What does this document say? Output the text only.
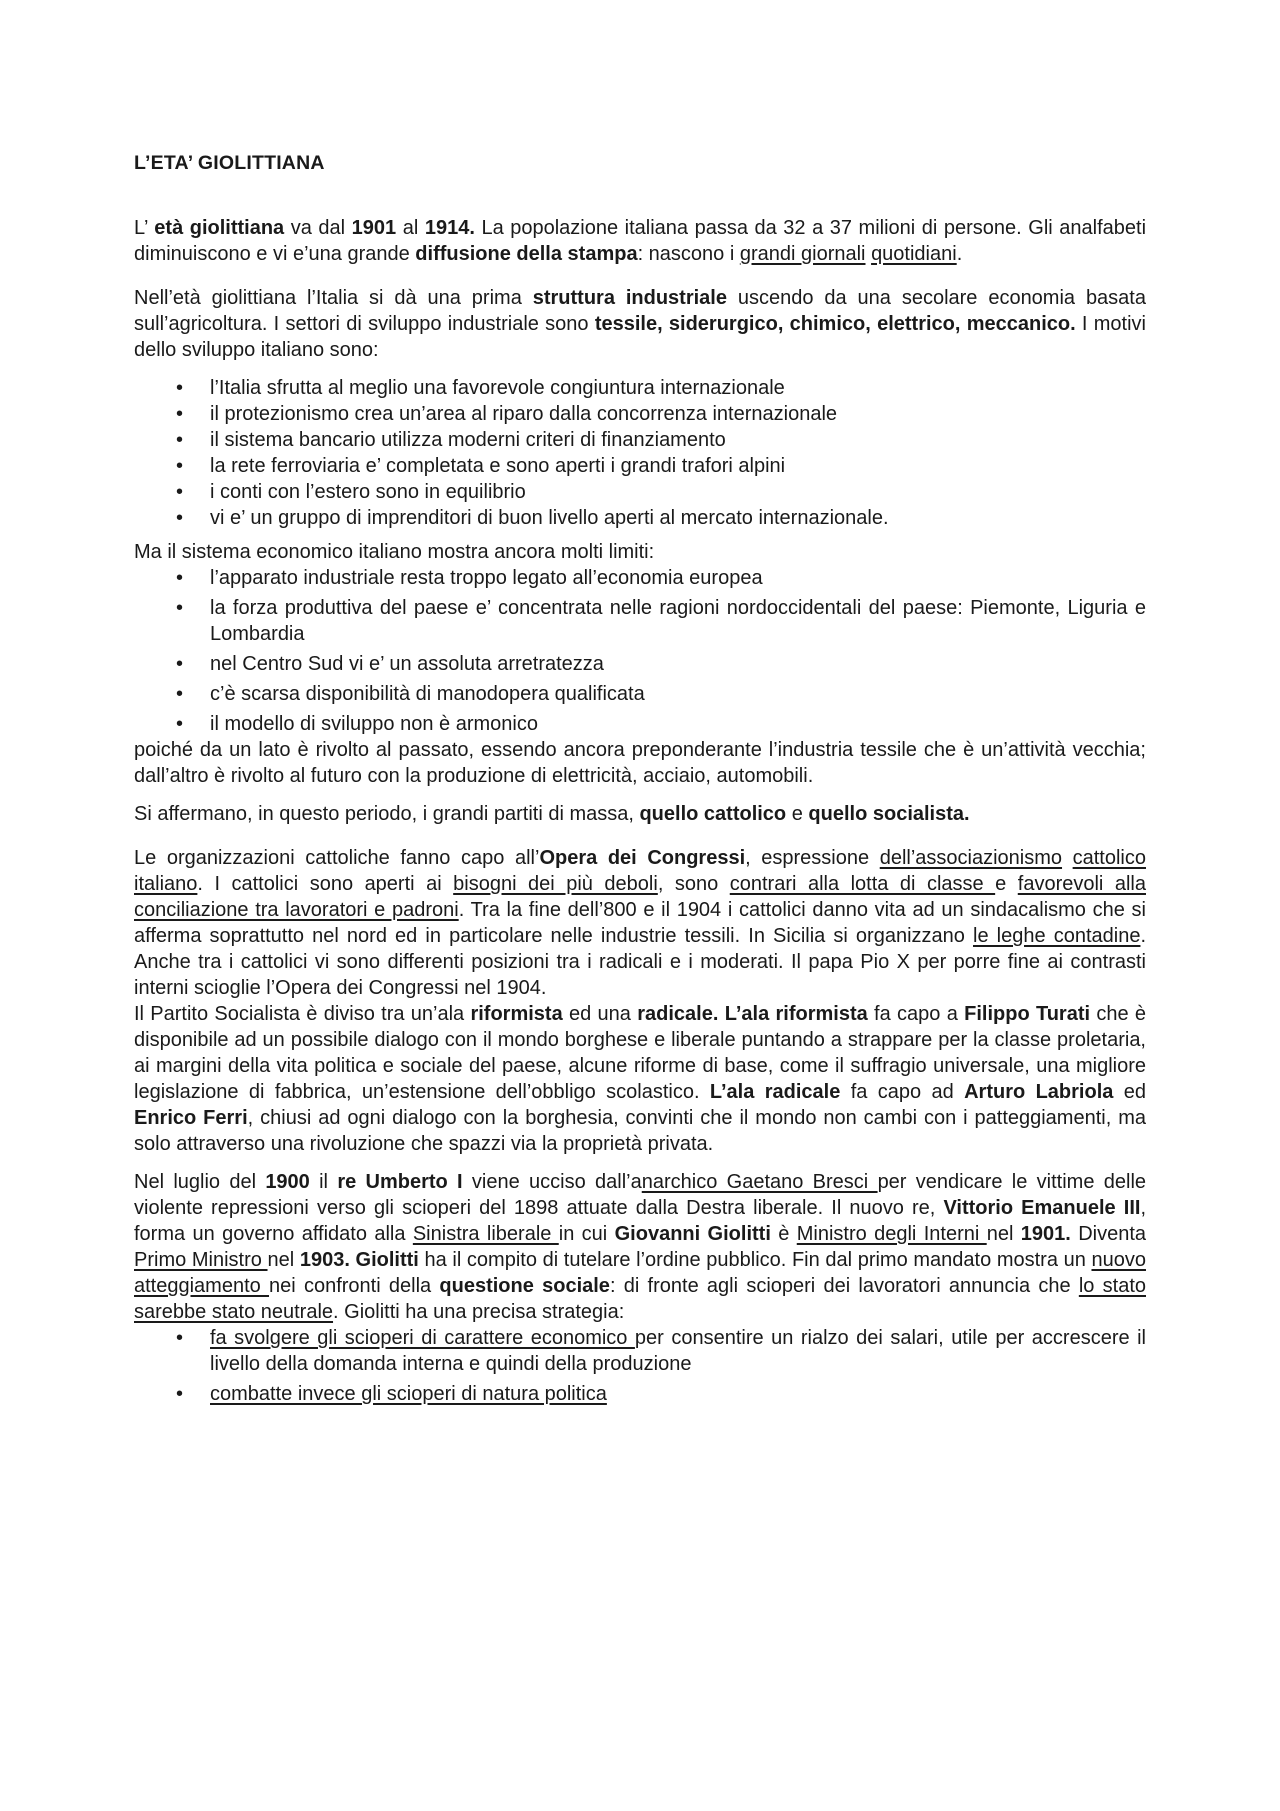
L’ETA’ GIOLITTIANA

L’ età giolittiana va dal 1901 al 1914. La popolazione italiana passa da 32 a 37 milioni di persone. Gli analfabeti diminuiscono e vi e’una grande diffusione della stampa: nascono i grandi giornali quotidiani.

Nell’età giolittiana l’Italia si dà una prima struttura industriale uscendo da una secolare economia basata sull’agricoltura. I settori di sviluppo industriale sono tessile, siderurgico, chimico, elettrico, meccanico. I motivi dello sviluppo italiano sono:

• l’Italia sfrutta al meglio una favorevole congiuntura internazionale
• il protezionismo crea un’area al riparo dalla concorrenza internazionale
• il sistema bancario utilizza moderni criteri di finanziamento
• la rete ferroviaria e’ completata e sono aperti i grandi trafori alpini
• i conti con l’estero sono in equilibrio
• vi e’ un gruppo di imprenditori di buon livello aperti al mercato internazionale.

Ma il sistema economico italiano mostra ancora molti limiti:

• l’apparato industriale resta troppo legato all’economia europea
• la forza produttiva del paese e’ concentrata nelle ragioni nordoccidentali del paese: Piemonte, Liguria e Lombardia
• nel Centro Sud vi e’ un assoluta arretratezza
• c’è scarsa disponibilità di manodopera qualificata
• il modello di sviluppo non è armonico

poiché da un lato è rivolto al passato, essendo ancora preponderante l’industria tessile che è un’attività vecchia; dall’altro è rivolto al futuro con la produzione di elettricità, acciaio, automobili.

Si affermano, in questo periodo, i grandi partiti di massa, quello cattolico e quello socialista.

Le organizzazioni cattoliche fanno capo all’Opera dei Congressi, espressione dell’associazionismo cattolico italiano. I cattolici sono aperti ai bisogni dei più deboli, sono contrari alla lotta di classe e favorevoli alla conciliazione tra lavoratori e padroni. Tra la fine dell’800 e il 1904 i cattolici danno vita ad un sindacalismo che si afferma soprattutto nel nord ed in particolare nelle industrie tessili. In Sicilia si organizzano le leghe contadine. Anche tra i cattolici vi sono differenti posizioni tra i radicali e i moderati. Il papa Pio X per porre fine ai contrasti interni scioglie l’Opera dei Congressi nel 1904.

Il Partito Socialista è diviso tra un’ala riformista ed una radicale. L’ala riformista fa capo a Filippo Turati che è disponibile ad un possibile dialogo con il mondo borghese e liberale puntando a strappare per la classe proletaria, ai margini della vita politica e sociale del paese, alcune riforme di base, come il suffragio universale, una migliore legislazione di fabbrica, un’estensione dell’obbligo scolastico. L’ala radicale fa capo ad Arturo Labriola ed Enrico Ferri, chiusi ad ogni dialogo con la borghesia, convinti che il mondo non cambi con i patteggiamenti, ma solo attraverso una rivoluzione che spazzi via la proprietà privata.

Nel luglio del 1900 il re Umberto I viene ucciso dall’anarchico Gaetano Bresci per vendicare le vittime delle violente repressioni verso gli scioperi del 1898 attuate dalla Destra liberale. Il nuovo re, Vittorio Emanuele III, forma un governo affidato alla Sinistra liberale in cui Giovanni Giolitti è Ministro degli Interni nel 1901. Diventa Primo Ministro nel 1903. Giolitti ha il compito di tutelare l’ordine pubblico. Fin dal primo mandato mostra un nuovo atteggiamento nei confronti della questione sociale: di fronte agli scioperi dei lavoratori annuncia che lo stato sarebbe stato neutrale. Giolitti ha una precisa strategia:

• fa svolgere gli scioperi di carattere economico per consentire un rialzo dei salari, utile per accrescere il livello della domanda interna e quindi della produzione
• combatte invece gli scioperi di natura politica
